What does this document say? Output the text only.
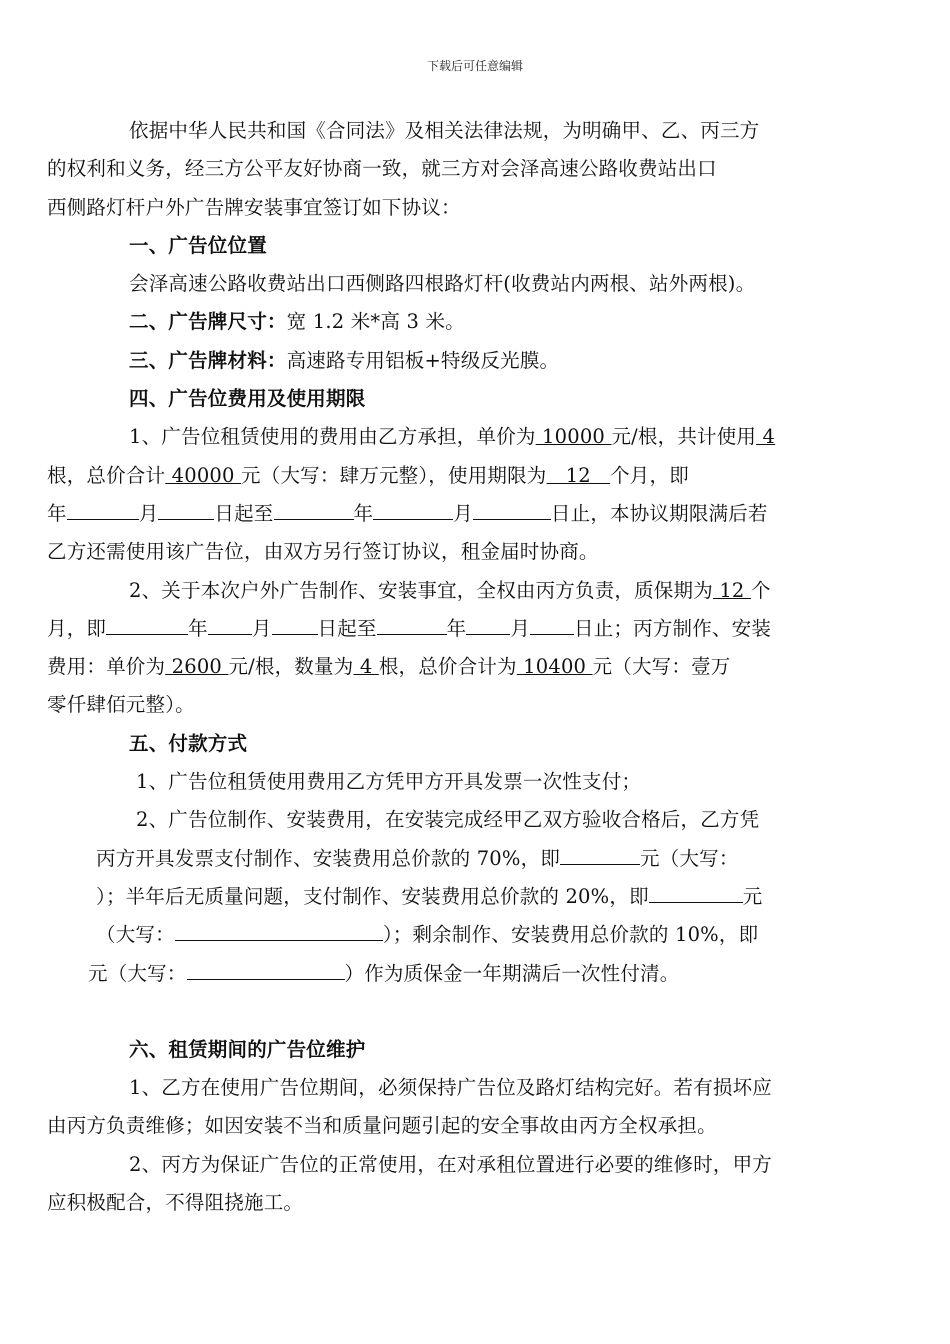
下载后可任意编辑

依据中华人民共和国《合同法》及相关法律法规，为明确甲、乙、丙三方
的权利和义务，经三方公平友好协商一致，就三方对会泽高速公路收费站出口
西侧路灯杆户外广告牌安装事宜签订如下协议：

一、广告位位置

会泽高速公路收费站出口西侧路四根路灯杆(收费站内两根、站外两根)。

二、广告牌尺寸：宽 1.2 米*高 3 米。

三、广告牌材料：高速路专用铝板+特级反光膜。

四、广告位费用及使用期限

1、广告位租赁使用的费用由乙方承担，单价为 10000 元/根，共计使用 4
根，总价合计 40000 元（大写：肆万元整），使用期限为   12   个月，即
年	月	日起至	年	月	日止，本协议期限满后若
乙方还需使用该广告位，由双方另行签订协议，租金届时协商。

2、关于本次户外广告制作、安装事宜，全权由丙方负责，质保期为 12 个
月，即	年 月 日起至	年 月 日止；丙方制作、安装
费用：单价为 2600 元/根，数量为 4 根，总价合计为 10400 元（大写：壹万
零仟肆佰元整）。

五、付款方式

1、广告位租赁使用费用乙方凭甲方开具发票一次性支付；

2、广告位制作、安装费用，在安装完成经甲乙双方验收合格后，乙方凭
丙方开具发票支付制作、安装费用总价款的 70%，即	元（大写：
）；半年后无质量问题，支付制作、安装费用总价款的 20%，即	元
（大写：	）；剩余制作、安装费用总价款的 10%，即
元（大写：	）作为质保金一年期满后一次性付清。

六、租赁期间的广告位维护

1、乙方在使用广告位期间，必须保持广告位及路灯结构完好。若有损坏应
由丙方负责维修；如因安装不当和质量问题引起的安全事故由丙方全权承担。

2、丙方为保证广告位的正常使用，在对承租位置进行必要的维修时，甲方
应积极配合，不得阻挠施工。
